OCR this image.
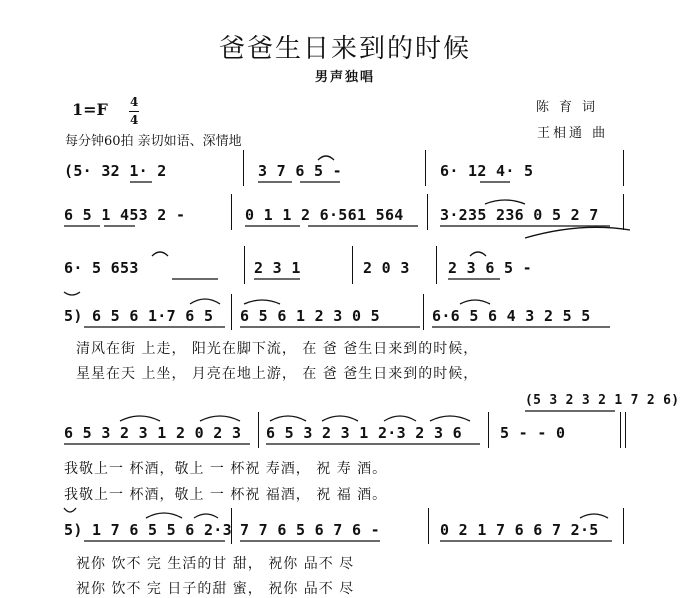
爸爸生日来到的时候
男声独唱
1=F 4
4
每分钟60拍 亲切如语、深情地
陈育词
王相通 曲
(5· 32 1· 2	3 7 6 5 -	6· 12 4· 5
6 5 1 453 2 -	0 1 1 2 6·561 564 3·235 236 0 5 2 7
6· 5 653	2 3 1	2 0 3	2 3 6 5 -
5) 6 5 6 1·7 6 5 6 5 6 1 2 3 0 5	6·6 5 6 4 3 2 5 5
清风在街 上走， 阳光在脚下流， 在 爸 爸生日来到的时候，
星星在天 上坐， 月亮在地上游， 在 爸 爸生日来到的时候，
(5 3 2 3 2 1 7 2 6)
6 5 3 2 3 1 2 0 2 3 6 5 3 2 3 1 2·3 2 3 6	5 - - 0
我敬上一 杯酒，敬上 一 杯祝 寿酒， 祝 寿 酒。
我敬上一 杯酒，敬上 一 杯祝 福酒， 祝 福 酒。
5) 1 7 6 5 5 6 2·3 7 7 6 5 6 7 6 -	0 2 1 7 6 6 7 2·5
祝你 饮不 完 生活的甘 甜， 祝你 品不 尽
祝你 饮不 完 日子的甜 蜜， 祝你 品不 尽
